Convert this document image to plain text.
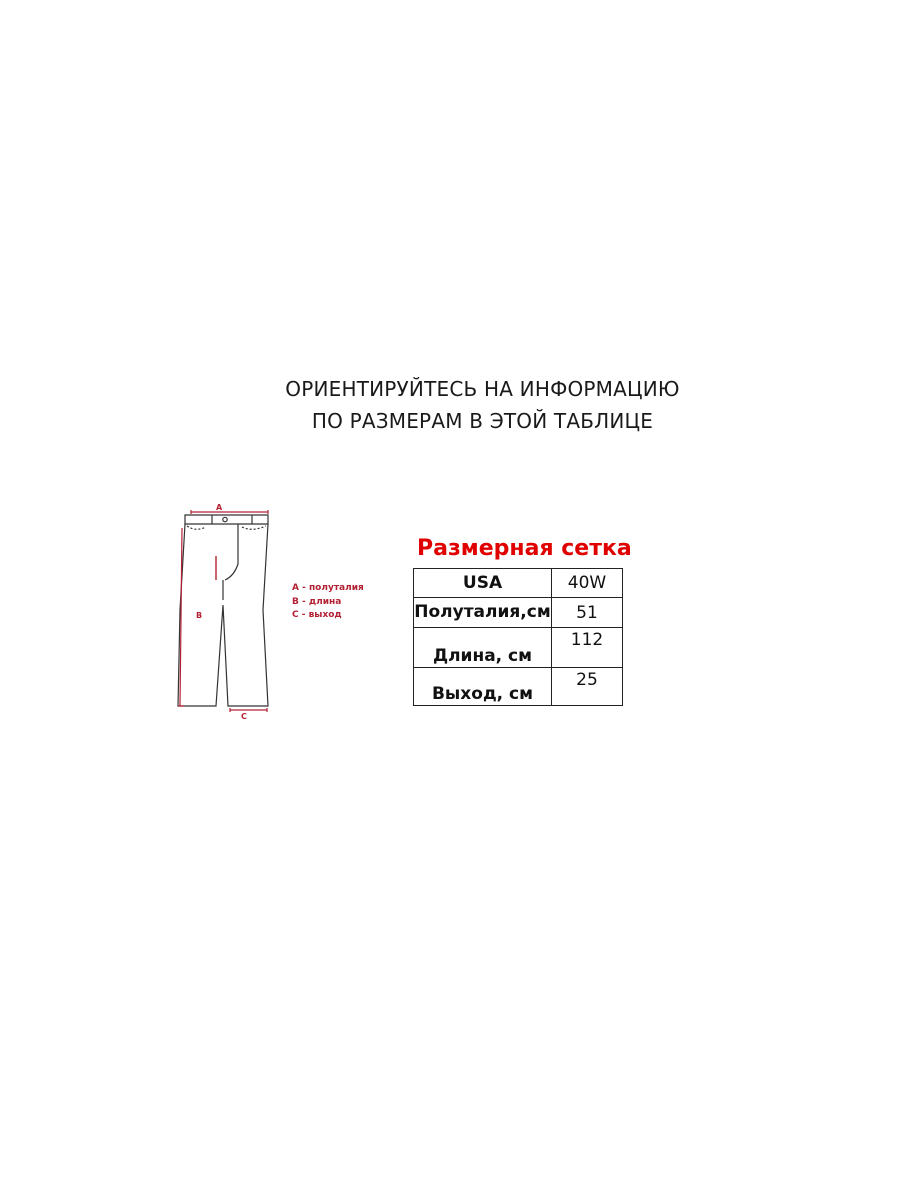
ОРИЕНТИРУЙТЕСЬ НА ИНФОРМАЦИЮ
ПО РАЗМЕРАМ В ЭТОЙ ТАБЛИЦЕ
A
B
C
А - полуталия
В - длина
С - выход
Размерная сетка
USA	40W
Полуталия,см	51
Длина, см	112
Выход, см	25
